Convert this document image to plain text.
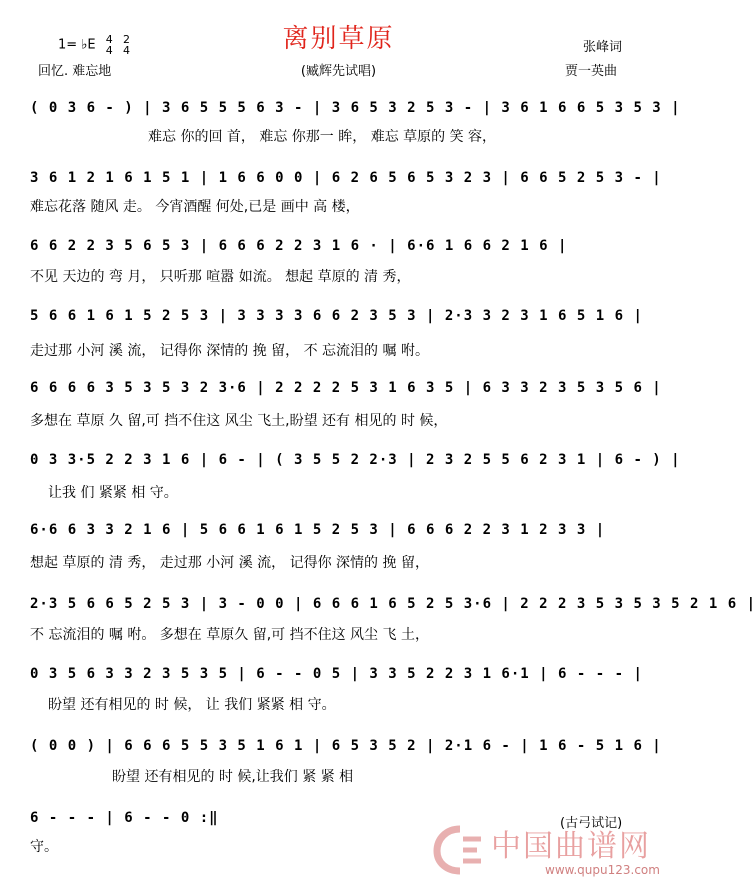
1= ♭E 4
4

2
4
回忆. 难忘地
离别草原
(臧辉先试唱)
张峰词
贾一英曲
( 0 3 6 - ) | 3 6 5 5 5 6 3 - | 3 6 5 3 2 5 3 - | 3 6 1 6 6 5 3 5 3 |
难忘 你的回 首， 难忘 你那一 眸， 难忘 草原的 笑 容，
3 6 1 2 1 6 1 5 1 | 1 6 6 0 0 | 6 2 6 5 6 5 3 2 3 | 6 6 5 2 5 3 - |
难忘花落 随风 走。 今宵酒醒 何处,已是 画中 高 楼，
6 6 2 2 3 5 6 5 3 | 6 6 6 2 2 3 1 6 · | 6·6 1 6 6 2 1 6 |
不见 天边的 弯 月， 只听那 喧嚣 如流。 想起 草原的 清 秀，
5 6 6 1 6 1 5 2 5 3 | 3 3 3 3 6 6 2 3 5 3 | 2·3 3 2 3 1 6 5 1 6 |
走过那 小河 溪 流， 记得你 深情的 挽 留， 不 忘流泪的 嘱 咐。
6 6 6 6 3 5 3 5 3 2 3·6 | 2 2 2 2 5 3 1 6 3 5 | 6 3 3 2 3 5 3 5 6 |
多想在 草原 久 留,可 挡不住这 风尘 飞土,盼望 还有 相见的 时 候，
0 3 3·5 2 2 3 1 6 | 6 - | ( 3 5 5 2 2·3 | 2 3 2 5 5 6 2 3 1 | 6 - ) |
让我 们 紧紧 相 守。
6·6 6 3 3 2 1 6 | 5 6 6 1 6 1 5 2 5 3 | 6 6 6 2 2 3 1 2 3 3 |
想起 草原的 清 秀， 走过那 小河 溪 流， 记得你 深情的 挽 留，
2·3 5 6 6 5 2 5 3 | 3 - 0 0 | 6 6 6 1 6 5 2 5 3·6 | 2 2 2 3 5 3 5 3 5 2 1 6 |
不 忘流泪的 嘱 咐。 多想在 草原久 留,可 挡不住这 风尘 飞 土，
0 3 5 6 3 3 2 3 5 3 5 | 6 - - 0 5 | 3 3 5 2 2 3 1 6·1 | 6 - - - |
盼望 还有相见的 时 候， 让 我们 紧紧 相 守。
( 0 0 ) | 6 6 6 5 5 3 5 1 6 1 | 6 5 3 5 2 | 2·1 6 - | 1 6 - 5 1 6 |
盼望 还有相见的 时 候,让我们 紧 紧 相
6 - - - | 6 - - 0 :‖
守。
(古弓试记)
中国曲谱网
www.qupu123.com
